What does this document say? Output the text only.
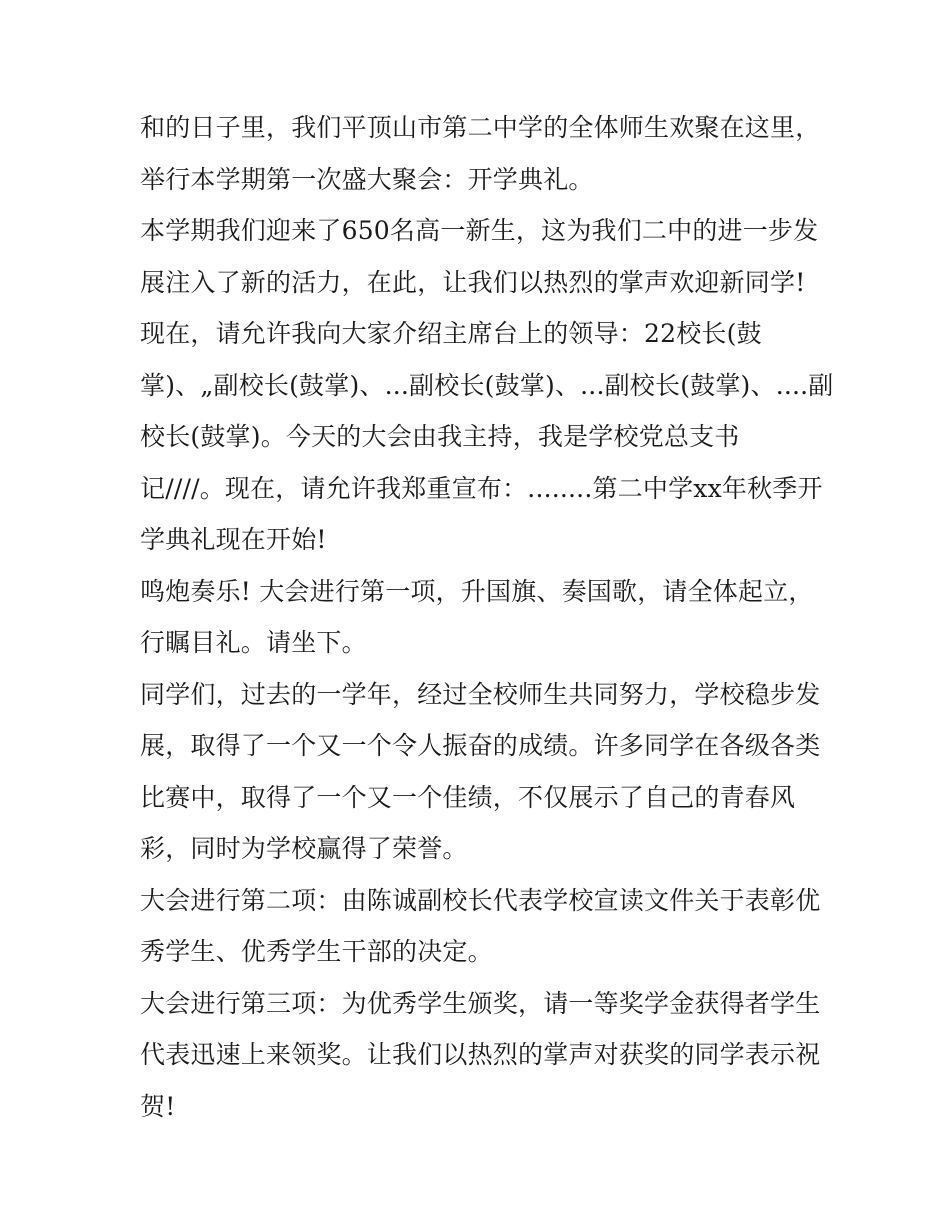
和的日子里，我们平顶山市第二中学的全体师生欢聚在这里，
举行本学期第一次盛大聚会：开学典礼。
本学期我们迎来了650名高一新生，这为我们二中的进一步发
展注入了新的活力，在此，让我们以热烈的掌声欢迎新同学!
现在，请允许我向大家介绍主席台上的领导：22校长(鼓
掌)、„副校长(鼓掌)、...副校长(鼓掌)、...副校长(鼓掌)、....副
校长(鼓掌)。今天的大会由我主持，我是学校党总支书
记////。现在，请允许我郑重宣布：........第二中学xx年秋季开
学典礼现在开始!
鸣炮奏乐! 大会进行第一项，升国旗、奏国歌，请全体起立，
行瞩目礼。请坐下。
同学们，过去的一学年，经过全校师生共同努力，学校稳步发
展，取得了一个又一个令人振奋的成绩。许多同学在各级各类
比赛中，取得了一个又一个佳绩，不仅展示了自己的青春风
彩，同时为学校赢得了荣誉。
大会进行第二项：由陈诚副校长代表学校宣读文件关于表彰优
秀学生、优秀学生干部的决定。
大会进行第三项：为优秀学生颁奖，请一等奖学金获得者学生
代表迅速上来领奖。让我们以热烈的掌声对获奖的同学表示祝
贺!
